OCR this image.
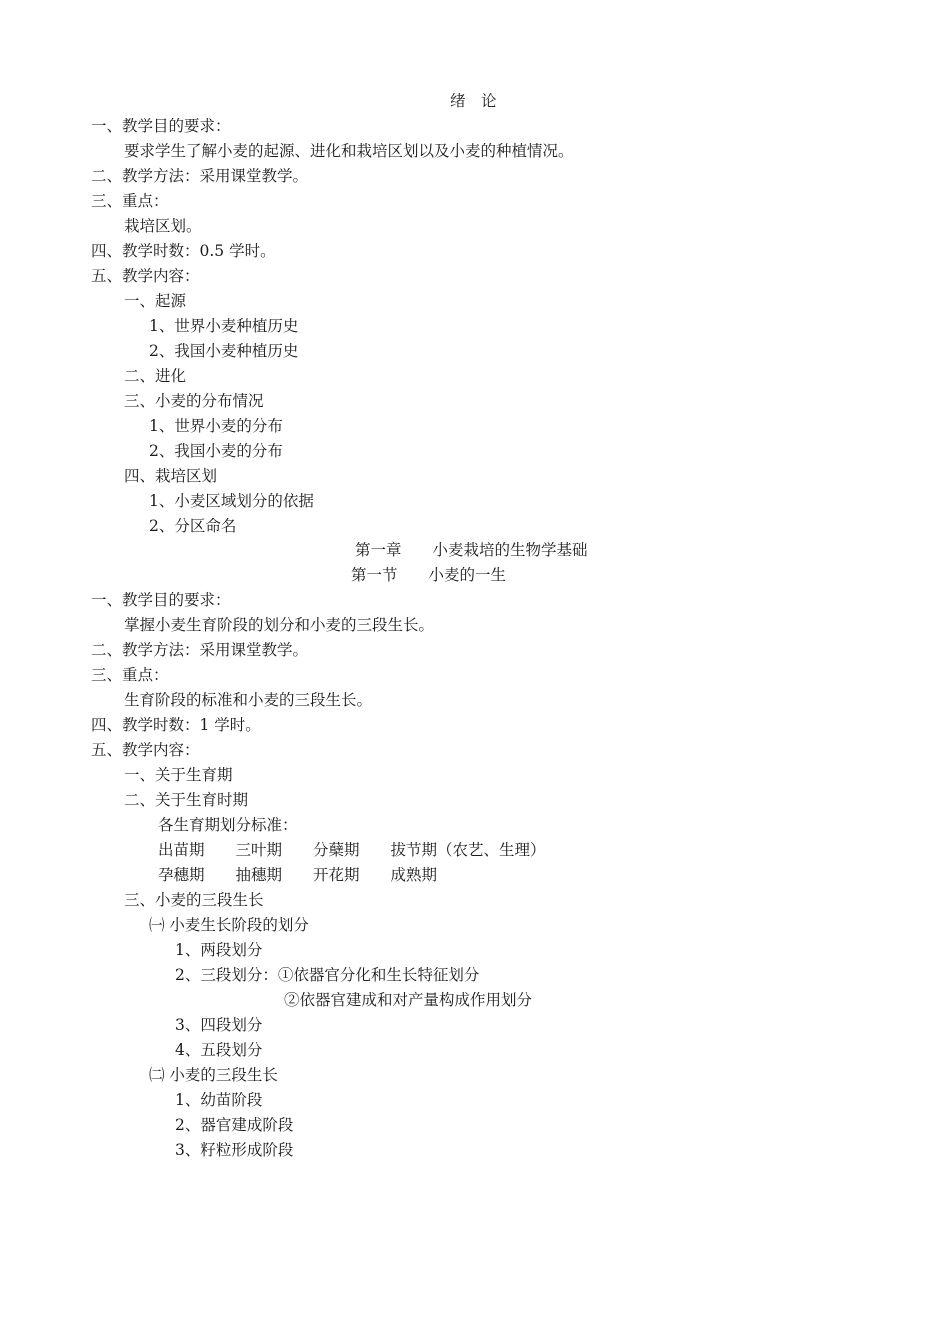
绪　论
一、教学目的要求：
要求学生了解小麦的起源、进化和栽培区划以及小麦的种植情况。
二、教学方法：采用课堂教学。
三、重点：
栽培区划。
四、教学时数：0.5 学时。
五、教学内容：
一、起源
1、世界小麦种植历史
2、我国小麦种植历史
二、进化
三、小麦的分布情况
1、世界小麦的分布
2、我国小麦的分布
四、栽培区划
1、小麦区域划分的依据
2、分区命名
第一章　　小麦栽培的生物学基础
第一节　　小麦的一生
一、教学目的要求：
掌握小麦生育阶段的划分和小麦的三段生长。
二、教学方法：采用课堂教学。
三、重点：
生育阶段的标准和小麦的三段生长。
四、教学时数：1 学时。
五、教学内容：
一、关于生育期
二、关于生育时期
各生育期划分标准：
出苗期　　三叶期　　分蘖期　　拔节期（农艺、生理）
孕穗期　　抽穗期　　开花期　　成熟期
三、小麦的三段生长
㈠ 小麦生长阶段的划分
1、两段划分
2、三段划分：①依器官分化和生长特征划分
②依器官建成和对产量构成作用划分
3、四段划分
4、五段划分
㈡ 小麦的三段生长
1、幼苗阶段
2、器官建成阶段
3、籽粒形成阶段
